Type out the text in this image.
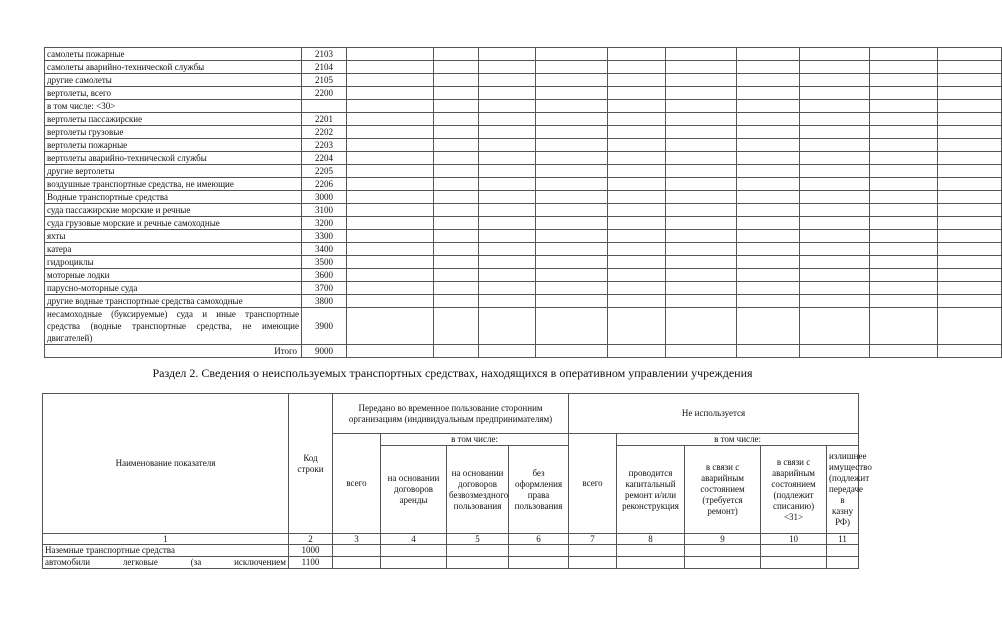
самолеты пожарные	2103										
самолеты аварийно-технической службы	2104										
другие самолеты	2105										
вертолеты, всего	2200										
в том числе: <30>											
вертолеты пассажирские	2201										
вертолеты грузовые	2202										
вертолеты пожарные	2203										
вертолеты аварийно-технической службы	2204										
другие вертолеты	2205										
воздушные транспортные средства, не имеющие	2206										
Водные транспортные средства	3000										
суда пассажирские морские и речные	3100										
суда грузовые морские и речные самоходные	3200										
яхты	3300										
катера	3400										
гидроциклы	3500										
моторные лодки	3600										
парусно-моторные суда	3700										
другие водные транспортные средства самоходные	3800										
несамоходные (буксируемые) суда и иные транспортные средства (водные транспортные средства, не имеющие двигателей)	3900										
Итого	9000										
Раздел 2. Сведения о неиспользуемых транспортных средствах, находящихся в оперативном управлении учреждения
Наименование показателя	Код строки	Передано во временное пользование сторонним организациям (индивидуальным предпринимателям)				Не используется				
		всего	в том числе:			всего	в том числе:			
			на основании договоров аренды	на основании договоров безвозмездного пользования	без оформления права пользования		проводится капитальный ремонт и/или реконструкция	в связи с аварийным состоянием (требуется ремонт)	в связи с аварийным состоянием (подлежит списанию) <31>	излишнее имущество (подлежит передаче в казну РФ)
1	2	3	4	5	6	7	8	9	10	11
Наземные транспортные средства	1000									
автомобили легковые (за исключением	1100									
